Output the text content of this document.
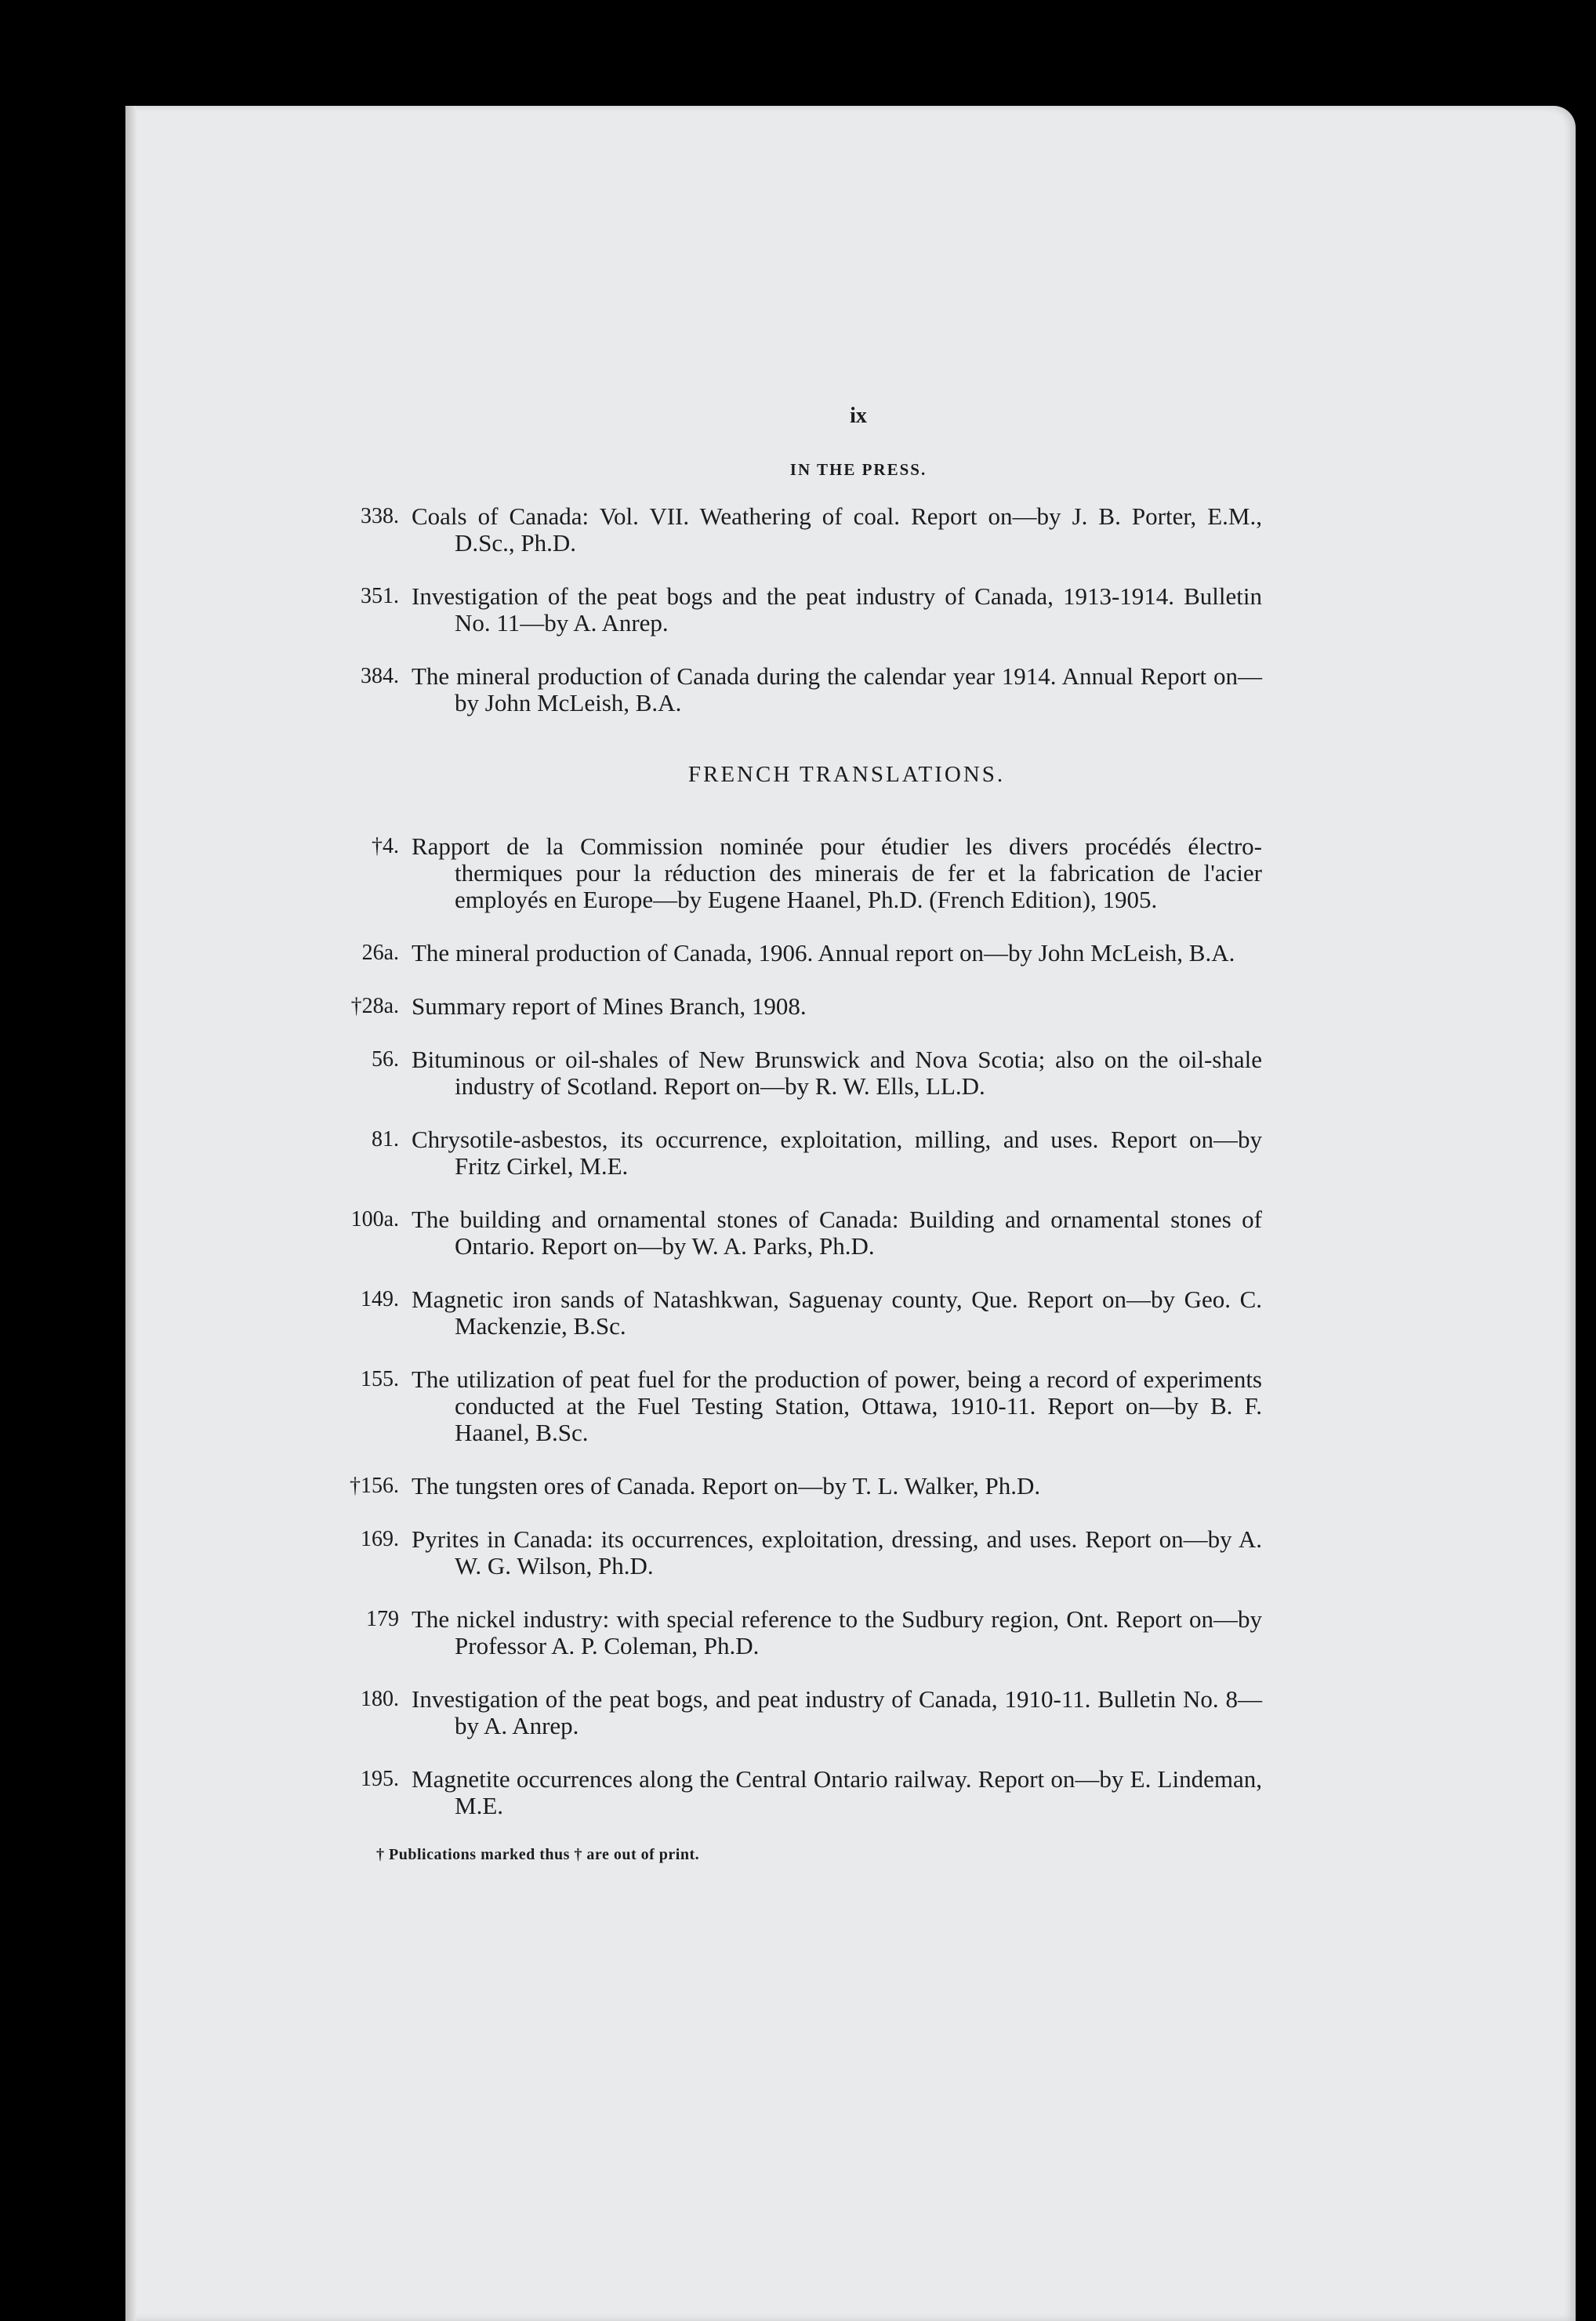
ix
IN THE PRESS.
338. Coals of Canada: Vol. VII. Weathering of coal. Report on—by J. B. Porter, E.M., D.Sc., Ph.D.
351. Investigation of the peat bogs and the peat industry of Canada, 1913-1914. Bulletin No. 11—by A. Anrep.
384. The mineral production of Canada during the calendar year 1914. Annual Report on—by John McLeish, B.A.
FRENCH TRANSLATIONS.
†4. Rapport de la Commission nominée pour étudier les divers procédés électro-thermiques pour la réduction des minerais de fer et la fabrication de l'acier employés en Europe—by Eugene Haanel, Ph.D. (French Edition), 1905.
26a. The mineral production of Canada, 1906. Annual report on—by John McLeish, B.A.
†28a. Summary report of Mines Branch, 1908.
56. Bituminous or oil-shales of New Brunswick and Nova Scotia; also on the oil-shale industry of Scotland. Report on—by R. W. Ells, LL.D.
81. Chrysotile-asbestos, its occurrence, exploitation, milling, and uses. Report on—by Fritz Cirkel, M.E.
100a. The building and ornamental stones of Canada: Building and ornamental stones of Ontario. Report on—by W. A. Parks, Ph.D.
149. Magnetic iron sands of Natashkwan, Saguenay county, Que. Report on—by Geo. C. Mackenzie, B.Sc.
155. The utilization of peat fuel for the production of power, being a record of experiments conducted at the Fuel Testing Station, Ottawa, 1910-11. Report on—by B. F. Haanel, B.Sc.
†156. The tungsten ores of Canada. Report on—by T. L. Walker, Ph.D.
169. Pyrites in Canada: its occurrences, exploitation, dressing, and uses. Report on—by A. W. G. Wilson, Ph.D.
179 The nickel industry: with special reference to the Sudbury region, Ont. Report on—by Professor A. P. Coleman, Ph.D.
180. Investigation of the peat bogs, and peat industry of Canada, 1910-11. Bulletin No. 8—by A. Anrep.
195. Magnetite occurrences along the Central Ontario railway. Report on—by E. Lindeman, M.E.
† Publications marked thus † are out of print.
